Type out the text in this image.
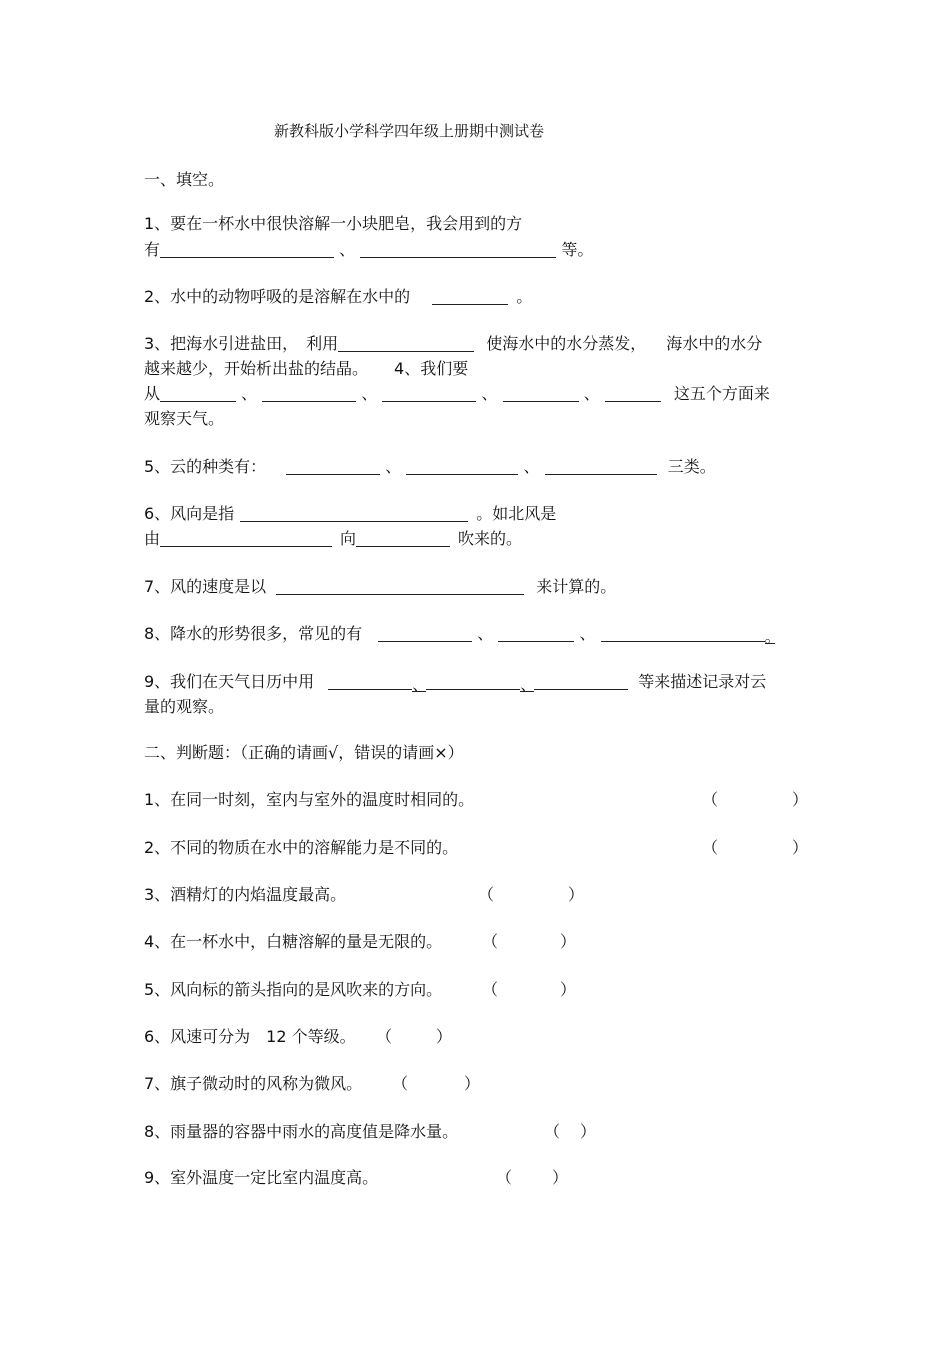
新教科版小学科学四年级上册期中测试卷
一、填空。
1、要在一杯水中很快溶解一小块肥皂，我会用到的方
有	、	等。
2、水中的动物呼吸的是溶解在水中的	。
3、把海水引进盐田，　利用	使海水中的水分蒸发， 海水中的水分
越来越少，开始析出盐的结晶。 4、我们要
从	、	、	、	、	这五个方面来
观察天气。
5、云的种类有：	、	、	三类。
6、风向是指	。如北风是
由	向	吹来的。
7、风的速度是以	来计算的。
8、降水的形势很多，常见的有	、	、	。
9、我们在天气日历中用	、	、	等来描述记录对云
量的观察。
二、判断题：（正确的请画√，错误的请画×）
1、在同一时刻，室内与室外的温度时相同的。	（	）
2、不同的物质在水中的溶解能力是不同的。	（	）
3、酒精灯的内焰温度最高。	（	）
4、在一杯水中，白糖溶解的量是无限的。 （	）
5、风向标的箭头指向的是风吹来的方向。 （	）
6、风速可分为　12 个等级。 （	）
7、旗子微动时的风称为微风。 （	）
8、雨量器的容器中雨水的高度值是降水量。	（ ）
9、室外温度一定比室内温度高。	（ ）
